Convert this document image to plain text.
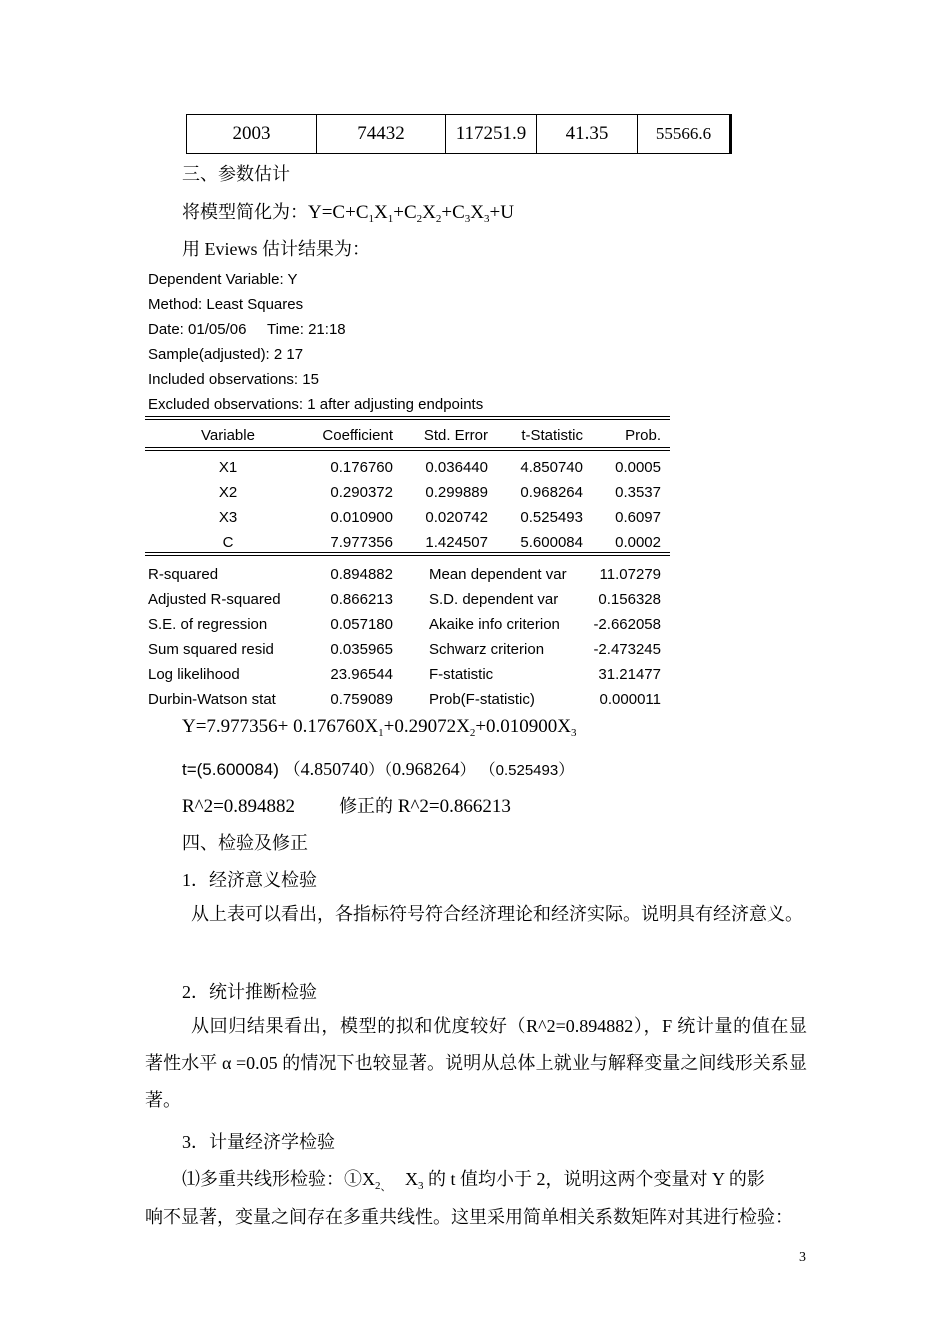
2003	74432	117251.9	41.35	55566.6
三、参数估计
将模型简化为：$Y=C+C_1X_1+C_2X_2+C_3X_3+U$
用 Eviews 估计结果为：
Dependent Variable: Y
Method: Least Squares
Date: 01/05/06     Time: 21:18
Sample(adjusted): 2 17
Included observations: 15
Excluded observations: 1 after adjusting endpoints
Variable	Coefficient	Std. Error	t-Statistic	Prob.
X1	0.176760	0.036440	4.850740	0.0005
X2	0.290372	0.299889	0.968264	0.3537
X3	0.010900	0.020742	0.525493	0.6097
C	7.977356	1.424507	5.600084	0.0002
R-squared	0.894882 Mean dependent var	11.07279
Adjusted R-squared	0.866213 S.D. dependent var	0.156328
S.E. of regression	0.057180 Akaike info criterion	-2.662058
Sum squared resid	0.035965 Schwarz criterion	-2.473245
Log likelihood	23.96544 F-statistic	31.21477
Durbin-Watson stat	0.759089 Prob(F-statistic)	0.000011
$Y=7.977356+ 0.176760X_1+0.29072X_2+0.010900X_3$
t=(5.600084) （4.850740）（0.968264） （0.525493）
R^2=0.894882 修正的 R^2=0.866213
四、检验及修正
1．经济意义检验
从上表可以看出，各指标符号符合经济理论和经济实际。说明具有经济意义。
2．统计推断检验
从回归结果看出，模型的拟和优度较好（R^2=0.894882），F 统计量的值在显著性水平 α =0.05 的情况下也较显著。说明从总体上就业与解释变量之间线形关系显著。
3．计量经济学检验
⑴多重共线形检验：$①X_{2、}$   $X_3$ 的 t 值均小于 2，说明这两个变量对 Y 的影
响不显著，变量之间存在多重共线性。这里采用简单相关系数矩阵对其进行检验：
3
